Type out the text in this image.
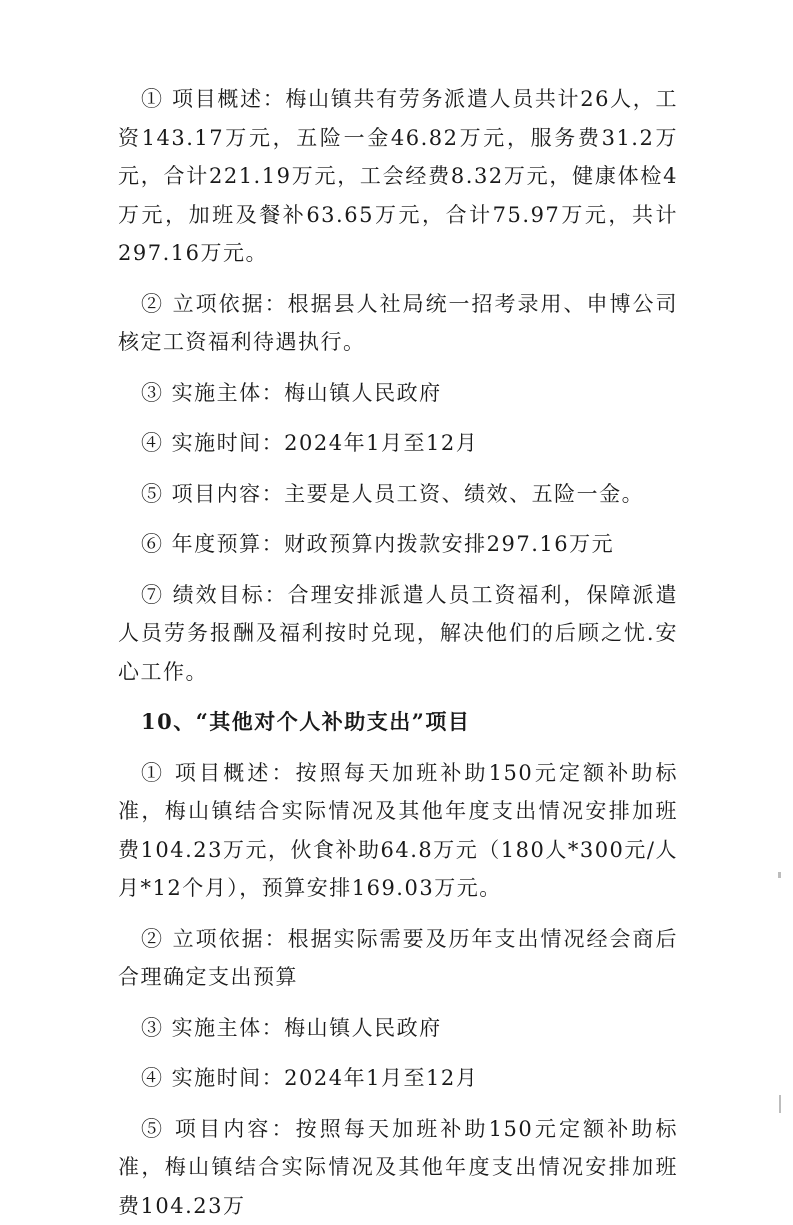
① 项目概述：梅山镇共有劳务派遣人员共计26人，工资143.17万元，五险一金46.82万元，服务费31.2万元，合计221.19万元，工会经费8.32万元，健康体检4万元，加班及餐补63.65万元，合计75.97万元，共计297.16万元。

② 立项依据：根据县人社局统一招考录用、申博公司核定工资福利待遇执行。

③ 实施主体：梅山镇人民政府

④ 实施时间：2024年1月至12月

⑤ 项目内容：主要是人员工资、绩效、五险一金。

⑥ 年度预算：财政预算内拨款安排297.16万元

⑦ 绩效目标：合理安排派遣人员工资福利，保障派遣人员劳务报酬及福利按时兑现，解决他们的后顾之忧.安心工作。

10、“其他对个人补助支出”项目

① 项目概述：按照每天加班补助150元定额补助标准，梅山镇结合实际情况及其他年度支出情况安排加班费104.23万元，伙食补助64.8万元（180人*300元/人月*12个月），预算安排169.03万元。

② 立项依据：根据实际需要及历年支出情况经会商后合理确定支出预算

③ 实施主体：梅山镇人民政府

④ 实施时间：2024年1月至12月

⑤ 项目内容：按照每天加班补助150元定额补助标准，梅山镇结合实际情况及其他年度支出情况安排加班费104.23万
